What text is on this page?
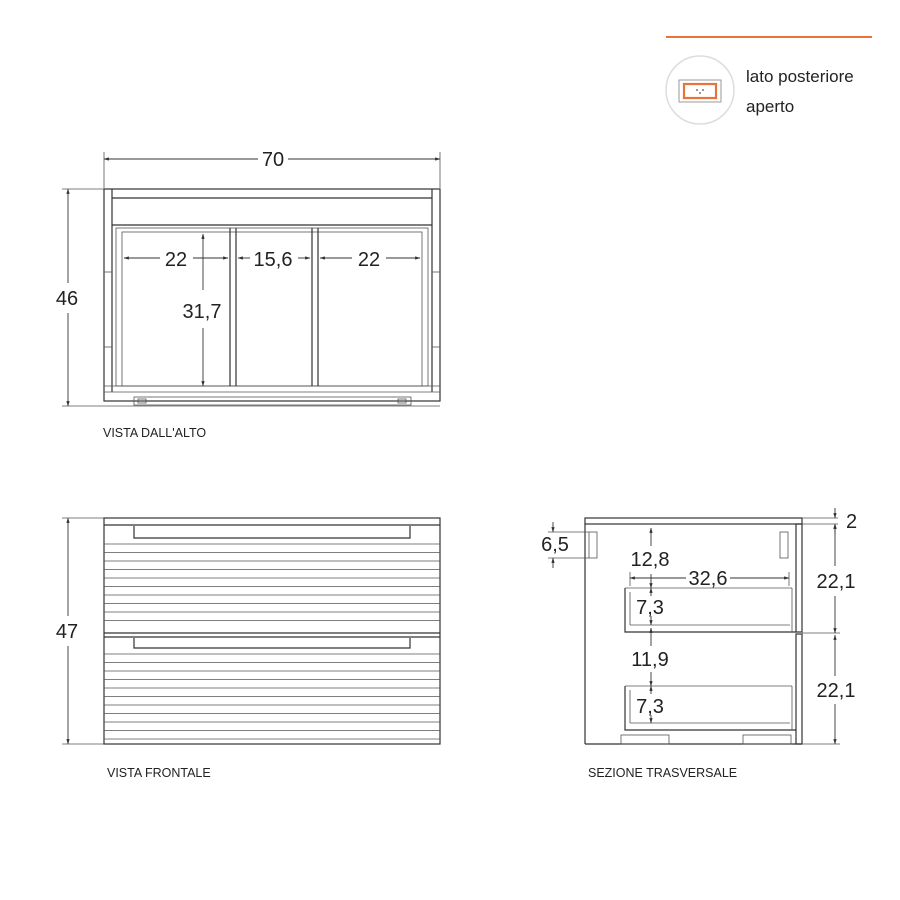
lato posteriore
aperto
70
46
22	15,6	22
31,7
VISTA DALL'ALTO
47
VISTA FRONTALE
2
6,5
12,8
32,6
7,3
11,9
7,3
22,1
22,1
SEZIONE TRASVERSALE
